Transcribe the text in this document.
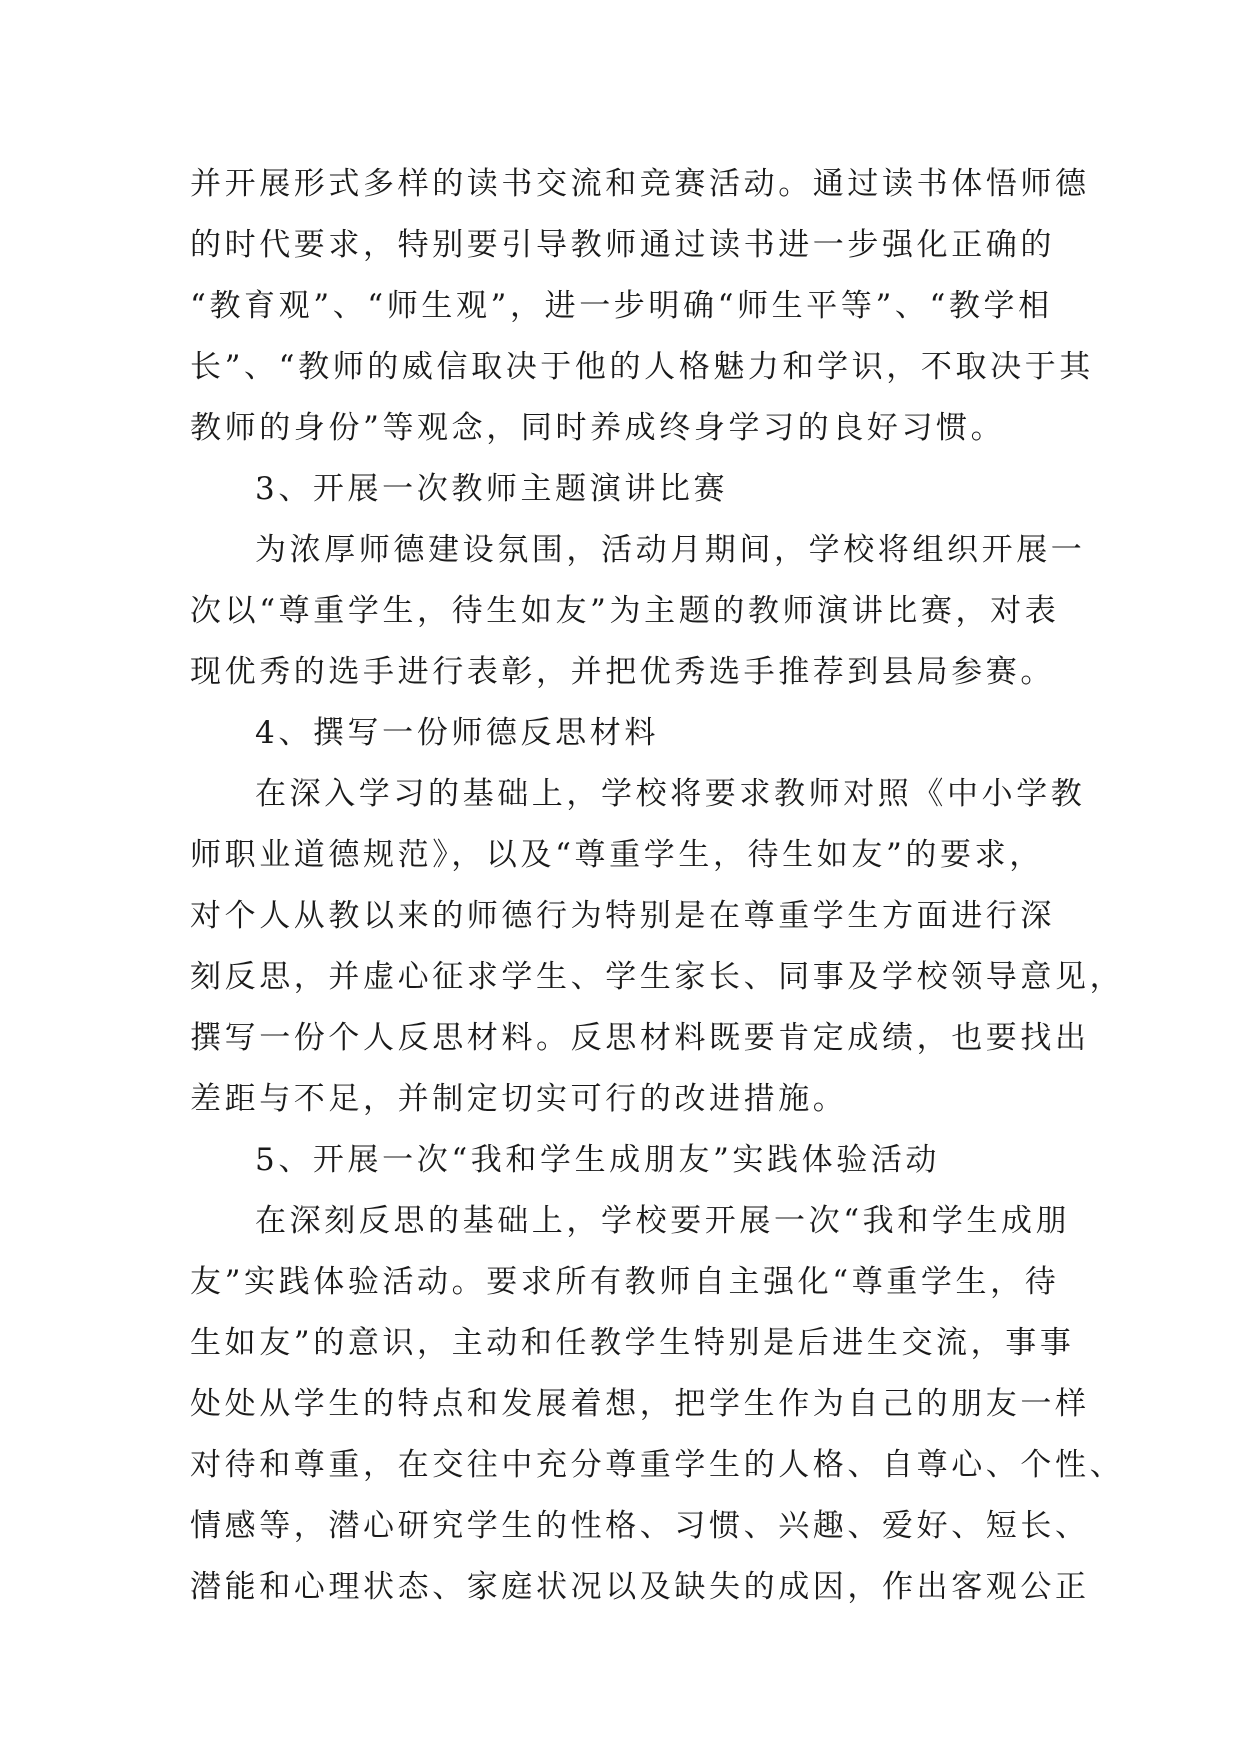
并开展形式多样的读书交流和竞赛活动。通过读书体悟师德
的时代要求，特别要引导教师通过读书进一步强化正确的
“教育观”、“师生观”，进一步明确“师生平等”、“教学相
长”、“教师的威信取决于他的人格魅力和学识，不取决于其
教师的身份”等观念，同时养成终身学习的良好习惯。
3、开展一次教师主题演讲比赛
为浓厚师德建设氛围，活动月期间，学校将组织开展一
次以“尊重学生，待生如友”为主题的教师演讲比赛，对表
现优秀的选手进行表彰，并把优秀选手推荐到县局参赛。
4、撰写一份师德反思材料
在深入学习的基础上，学校将要求教师对照《中小学教
师职业道德规范》，以及“尊重学生，待生如友”的要求，
对个人从教以来的师德行为特别是在尊重学生方面进行深
刻反思，并虚心征求学生、学生家长、同事及学校领导意见，
撰写一份个人反思材料。反思材料既要肯定成绩，也要找出
差距与不足，并制定切实可行的改进措施。
5、开展一次“我和学生成朋友”实践体验活动
在深刻反思的基础上，学校要开展一次“我和学生成朋
友”实践体验活动。要求所有教师自主强化“尊重学生，待
生如友”的意识，主动和任教学生特别是后进生交流，事事
处处从学生的特点和发展着想，把学生作为自己的朋友一样
对待和尊重，在交往中充分尊重学生的人格、自尊心、个性、
情感等，潜心研究学生的性格、习惯、兴趣、爱好、短长、
潜能和心理状态、家庭状况以及缺失的成因，作出客观公正
